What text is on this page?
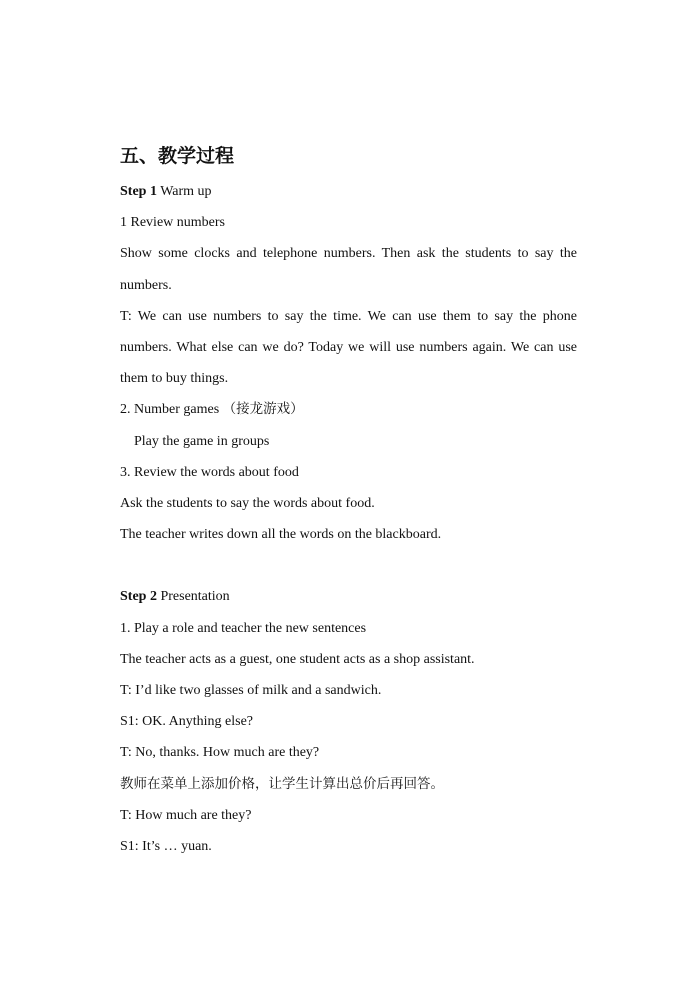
五、教学过程
Step 1 Warm up
1 Review numbers
Show some clocks and telephone numbers. Then ask the students to say the numbers.
T: We can use numbers to say the time. We can use them to say the phone numbers. What else can we do? Today we will use numbers again. We can use them to buy things.
2. Number games （接龙游戏）
Play the game in groups
3. Review the words about food
Ask the students to say the words about food.
The teacher writes down all the words on the blackboard.
Step 2 Presentation
1. Play a role and teacher the new sentences
The teacher acts as a guest, one student acts as a shop assistant.
T: I’d like two glasses of milk and a sandwich.
S1: OK. Anything else?
T: No, thanks. How much are they?
教师在菜单上添加价格，让学生计算出总价后再回答。
T: How much are they?
S1: It’s … yuan.
